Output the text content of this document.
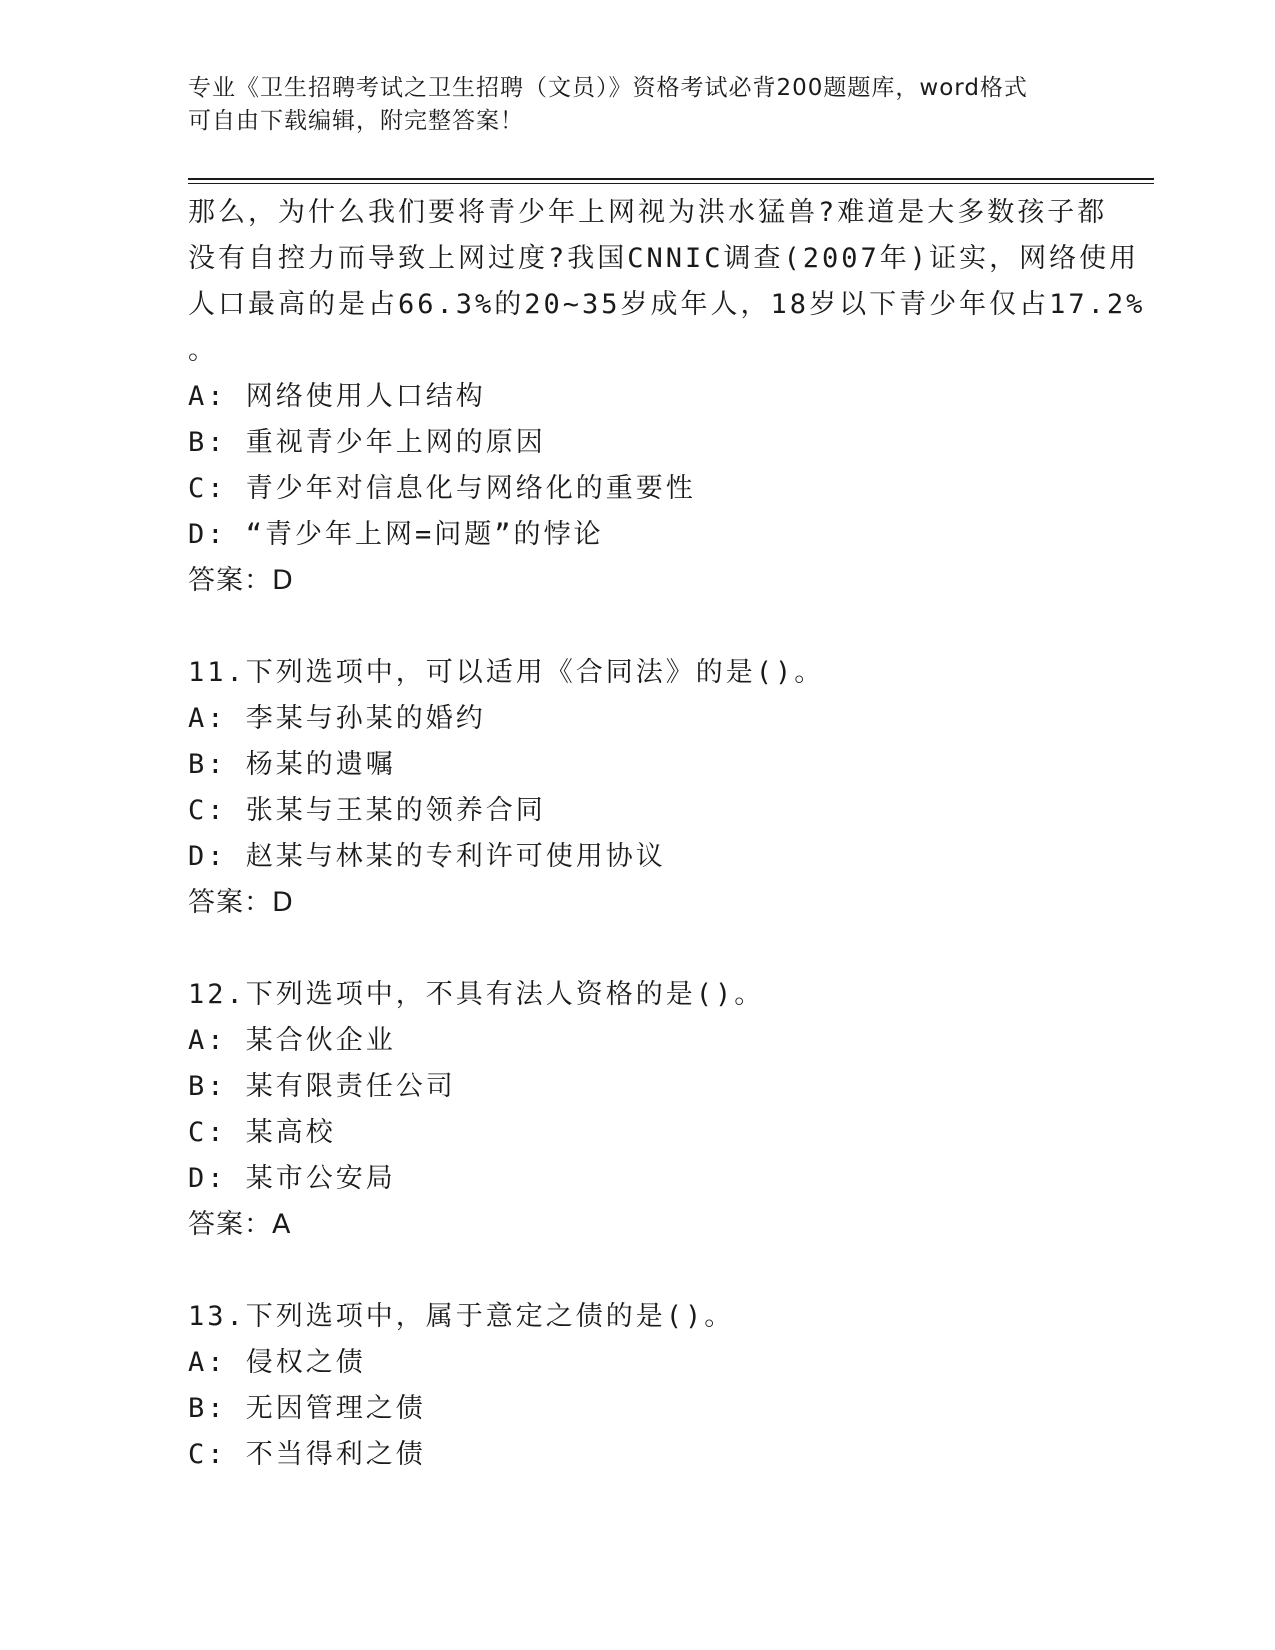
专业《卫生招聘考试之卫生招聘（文员）》资格考试必背200题题库，word格式
可自由下载编辑，附完整答案！
那么，为什么我们要将青少年上网视为洪水猛兽?难道是大多数孩子都
没有自控力而导致上网过度?我国CNNIC调查(2007年)证实，网络使用
人口最高的是占66.3%的20~35岁成年人，18岁以下青少年仅占17.2%
。
A: 网络使用人口结构
B: 重视青少年上网的原因
C: 青少年对信息化与网络化的重要性
D: “青少年上网=问题”的悖论
答案：D
11.下列选项中，可以适用《合同法》的是()。
A: 李某与孙某的婚约
B: 杨某的遗嘱
C: 张某与王某的领养合同
D: 赵某与林某的专利许可使用协议
答案：D
12.下列选项中，不具有法人资格的是()。
A: 某合伙企业
B: 某有限责任公司
C: 某高校
D: 某市公安局
答案：A
13.下列选项中，属于意定之债的是()。
A: 侵权之债
B: 无因管理之债
C: 不当得利之债
